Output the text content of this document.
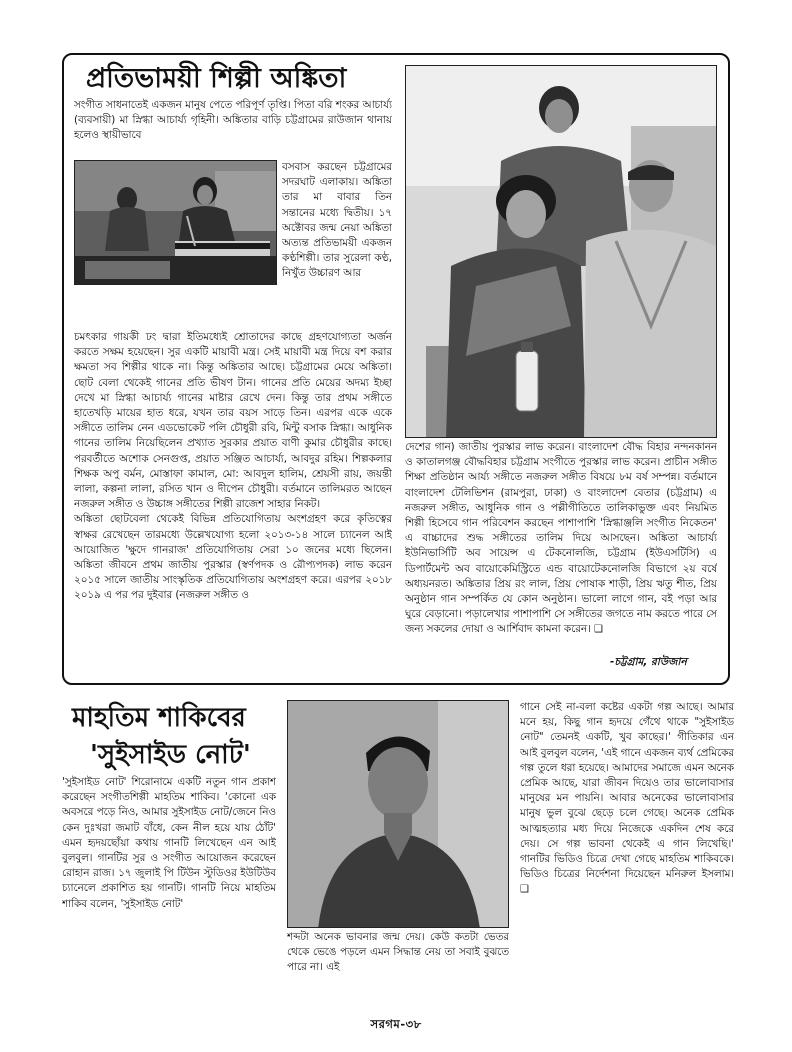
প্রতিভাময়ী শিল্পী অঙ্কিতা

সংগীত সাধনাতেই একজন মানুষ পেতে পরিপূর্ণ তৃপ্তি। পিতা বরি শংকর আচার্য্য (ব্যবসায়ী) মা স্নিগ্ধা আচার্য্য গৃহিনী। অঙ্কিতার বাড়ি চট্টগ্রামের রাউজান থানায় হলেও স্থায়ীভাবে

বসবাস করছেন চট্টগ্রামের সদরঘাট এলাকায়। অঙ্কিতা তার মা বাবার তিন সন্তানের মধ্যে দ্বিতীয়। ১৭ অক্টোবর জন্ম নেয়া অঙ্কিতা অত্যন্ত প্রতিভাময়ী একজন কণ্ঠশিল্পী। তার সুরেলা কণ্ঠ, নিখুঁত উচ্চারণ আর

চমৎকার গায়কী ঢং দ্বারা ইতিমধ্যেই শ্রোতাদের কাছে গ্রহণযোগ্যতা অর্জন করতে সক্ষম হয়েছেন। সুর একটি মায়াবী মন্ত্র। সেই মায়াবী মন্ত্র দিয়ে বশ করার ক্ষমতা সব শিল্পীর থাকে না। কিন্তু অঙ্কিতার আছে। চট্টগ্রামের মেয়ে অঙ্কিতা। ছোট বেলা থেকেই গানের প্রতি ভীষণ টান। গানের প্রতি মেয়ের অদম্য ইচ্ছা দেখে মা স্নিগ্ধা আচার্য্য গানের মাষ্টার রেখে দেন। কিন্তু তার প্রথম সঙ্গীতে হাতেখড়ি মায়ের হাত ধরে, যখন তার বয়স সাড়ে তিন। এরপর একে একে সঙ্গীতে তালিম নেন এডভোকেট পলি চৌধুরী রবি, মিন্টু বসাক স্নিগ্ধা। আধুনিক গানের তালিম নিয়েছিলেন প্রখ্যাত সুরকার প্রয়াত বাণী কুমার চৌধুরীর কাছে। পরবর্তীতে অশোক সেনগুপ্ত, প্রয়াত সঞ্জিত আচার্য্য, আবদুর রহিম। শিল্পকলার শিক্ষক অপু বর্মন, মোস্তাফা কামাল, মো: আবদুল হালিম, শ্রেয়সী রায়, জয়ন্তী লালা, কল্পনা লালা, রসিত খান ও দীপেন চৌধুরী। বর্তমানে তালিমরত আছেন নজরুল সঙ্গীত ও উচ্চাঙ্গ সঙ্গীতের শিল্পী রাজেশ সাহার নিকট।

অঙ্কিতা ছোটবেলা থেকেই বিভিন্ন প্রতিযোগিতায় অংশগ্রহণ করে কৃতিত্বের স্বাক্ষর রেখেছেন তারমধ্যে উল্লেখযোগ্য হলো ২০১৩-১৪ সালে চ্যানেল আই আয়োজিত 'ক্ষুদে গানরাজ' প্রতিযোগিতায় সেরা ১০ জনের মধ্যে ছিলেন। অঙ্কিতা জীবনে প্রথম জাতীয় পুরস্কার (স্বর্ণপদক ও রৌপ্যপদক) লাভ করেন ২০১৫ সালে জাতীয় সাংস্কৃতিক প্রতিযোগিতায় অংশগ্রহণ করে। এরপর ২০১৮ ২০১৯ এ পর পর দুইবার (নজরুল সঙ্গীত ও

দেশের গান) জাতীয় পুরস্কার লাভ করেন। বাংলাদেশ বৌদ্ধ বিহার নন্দনকানন ও কাতালগঞ্জ বৌদ্ধবিহার চট্টগ্রাম সংগীতে পুরস্কার লাভ করেন। প্রাচীন সঙ্গীত শিক্ষা প্রতিষ্ঠান আর্য্য সঙ্গীতে নজরুল সঙ্গীত বিষয়ে ৮ম বর্ষ সম্পন্ন। বর্তমানে বাংলাদেশ টেলিভিশন (রামপুরা, ঢাকা) ও বাংলাদেশ বেতার (চট্টগ্রাম) এ নজরুল সঙ্গীত, আধুনিক গান ও পল্লীগীতিতে তালিকাভুক্ত এবং নিয়মিত শিল্পী হিসেবে গান পরিবেশন করছেন পাশাপাশি 'স্নিগ্ধাঞ্জলি সংগীত নিকেতন' এ বাচ্চাদের শুদ্ধ সঙ্গীতের তালিম দিয়ে আসছেন। অঙ্কিতা আচার্য্য ইউনিভার্সিটি অব সায়েন্স এ টেকনোলজি, চট্টগ্রাম (ইউএসটিসি) এ ডিপার্টমেন্ট অব বায়োকেমিস্ট্রিতে এন্ড বায়োটেকনোলজি বিভাগে ২য় বর্ষে অধ্যয়নরত। অঙ্কিতার প্রিয় রং লাল, প্রিয় পোষাক শাড়ী, প্রিয় ঋতু শীত, প্রিয় অনুষ্ঠান গান সম্পর্কিত যে কোন অনুষ্ঠান। ভালো লাগে গান, বই পড়া আর ঘুরে বেড়ানো। পড়ালেখার পাশাপাশি সে সঙ্গীতের জগতে নাম করতে পারে সে জন্য সকলের দোয়া ও আর্শিবাদ কামনা করেন। ❑

-চট্টগ্রাম, রাউজান
মাহতিম শাকিবের
'সুইসাইড নোট'

'সুইসাইড নোট' শিরোনামে একটি নতুন গান প্রকাশ করেছেন সংগীতশিল্পী মাহতিম শাকিব। 'কোনো এক অবসরে পড়ে নিও, আমার সুইসাইড নোট/জেনে নিও কেন দুঃখরা জমাট বাঁধে, কেন নীল হয়ে যায় ঠোঁট' এমন হৃদয়ছোঁয়া কথায় গানটি লিখেছেন এন আই বুলবুল। গানটির সুর ও সংগীত আয়োজন করেছেন রোহান রাজ। ১৭ জুলাই পি টিউন স্টুডিওর ইউটিউব চ্যানেলে প্রকাশিত হয় গানটি। গানটি নিয়ে মাহতিম শাকিব বলেন, 'সুইসাইড নোট'

শব্দটা অনেক ভাবনার জন্ম দেয়। কেউ কতটা ভেতর থেকে ভেঙে পড়লে এমন সিদ্ধান্ত নেয় তা সবাই বুঝতে পারে না। এই

গানে সেই না-বলা কষ্টের একটা গল্প আছে। আমার মনে হয়, কিছু গান হৃদয়ে গেঁথে থাকে "সুইসাইড নোট" তেমনই একটি, খুব কাছের।' গীতিকার এন আই বুলবুল বলেন, 'এই গানে একজন ব্যর্থ প্রেমিকের গল্প তুলে ধরা হয়েছে। আমাদের সমাজে এমন অনেক প্রেমিক আছে, যারা জীবন দিয়েও তার ভালোবাসার মানুষের মন পায়নি। আবার অনেকের ভালোবাসার মানুষ ভুল বুঝে ছেড়ে চলে গেছে। অনেক প্রেমিক আত্মহত্যার মধ্য দিয়ে নিজেকে একদিন শেষ করে দেয়। সে গল্প ভাবনা থেকেই এ গান লিখেছি।' গানটির ভিডিও চিত্রে দেখা গেছে মাহতিম শাকিবকে। ভিডিও চিত্রের নির্দেশনা দিয়েছেন মনিরুল ইসলাম। ❑

সরগম-৩৮
